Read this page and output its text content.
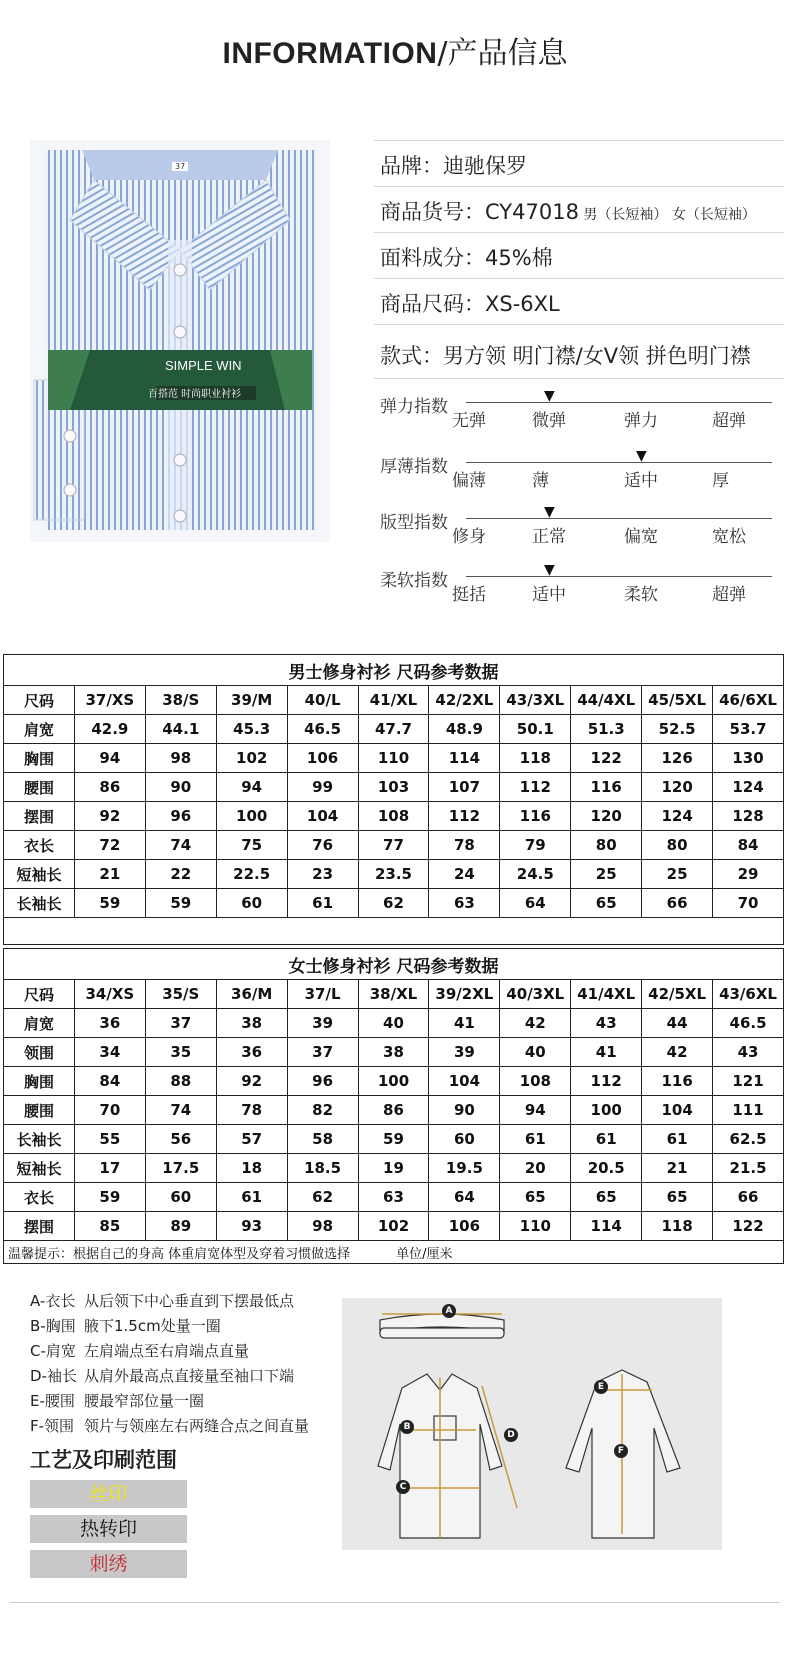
INFORMATION/产品信息
SIMPLE WIN
百搭范 时尚职业衬衫
37	品牌：迪驰保罗
商品货号：CY47018 男（长短袖） 女（长短袖）
面料成分：45%棉
商品尺码：XS-6XL
款式：男方领 明门襟/女V领 拼色明门襟
弹力指数
无弹	微弹	弹力	超弹
▼
厚薄指数
偏薄	薄	适中	厚
▼
版型指数
修身	正常	偏宽	宽松
▼
柔软指数
挺括	适中	柔软	超弹
▼
男士修身衬衫 尺码参考数据										
尺码	37/XS	38/S	39/M	40/L	41/XL	42/2XL	43/3XL	44/4XL	45/5XL	46/6XL
肩宽	42.9	44.1	45.3	46.5	47.7	48.9	50.1	51.3	52.5	53.7
胸围	94	98	102	106	110	114	118	122	126	130
腰围	86	90	94	99	103	107	112	116	120	124
摆围	92	96	100	104	108	112	116	120	124	128
衣长	72	74	75	76	77	78	79	80	80	84
短袖长	21	22	22.5	23	23.5	24	24.5	25	25	29
长袖长	59	59	60	61	62	63	64	65	66	70

女士修身衬衫 尺码参考数据										
尺码	34/XS	35/S	36/M	37/L	38/XL	39/2XL	40/3XL	41/4XL	42/5XL	43/6XL
肩宽	36	37	38	39	40	41	42	43	44	46.5
领围	34	35	36	37	38	39	40	41	42	43
胸围	84	88	92	96	100	104	108	112	116	121
腰围	70	74	78	82	86	90	94	100	104	111
长袖长	55	56	57	58	59	60	61	61	61	62.5
短袖长	17	17.5	18	18.5	19	19.5	20	20.5	21	21.5
衣长	59	60	61	62	63	64	65	65	65	66
摆围	85	89	93	98	102	106	110	114	118	122
温馨提示：根据自己的身高 体重肩宽体型及穿着习惯做选择 单位/厘米										
A-衣长 从后领下中心垂直到下摆最低点
B-胸围 腋下1.5cm处量一圈
C-肩宽 左肩端点至右肩端点直量
D-袖长 从肩外最高点直接量至袖口下端
E-腰围 腰最窄部位量一圈
F-领围 领片与领座左右两缝合点之间直量
工艺及印刷范围
丝印
热转印
刺绣
A
B
C
D
E
F
